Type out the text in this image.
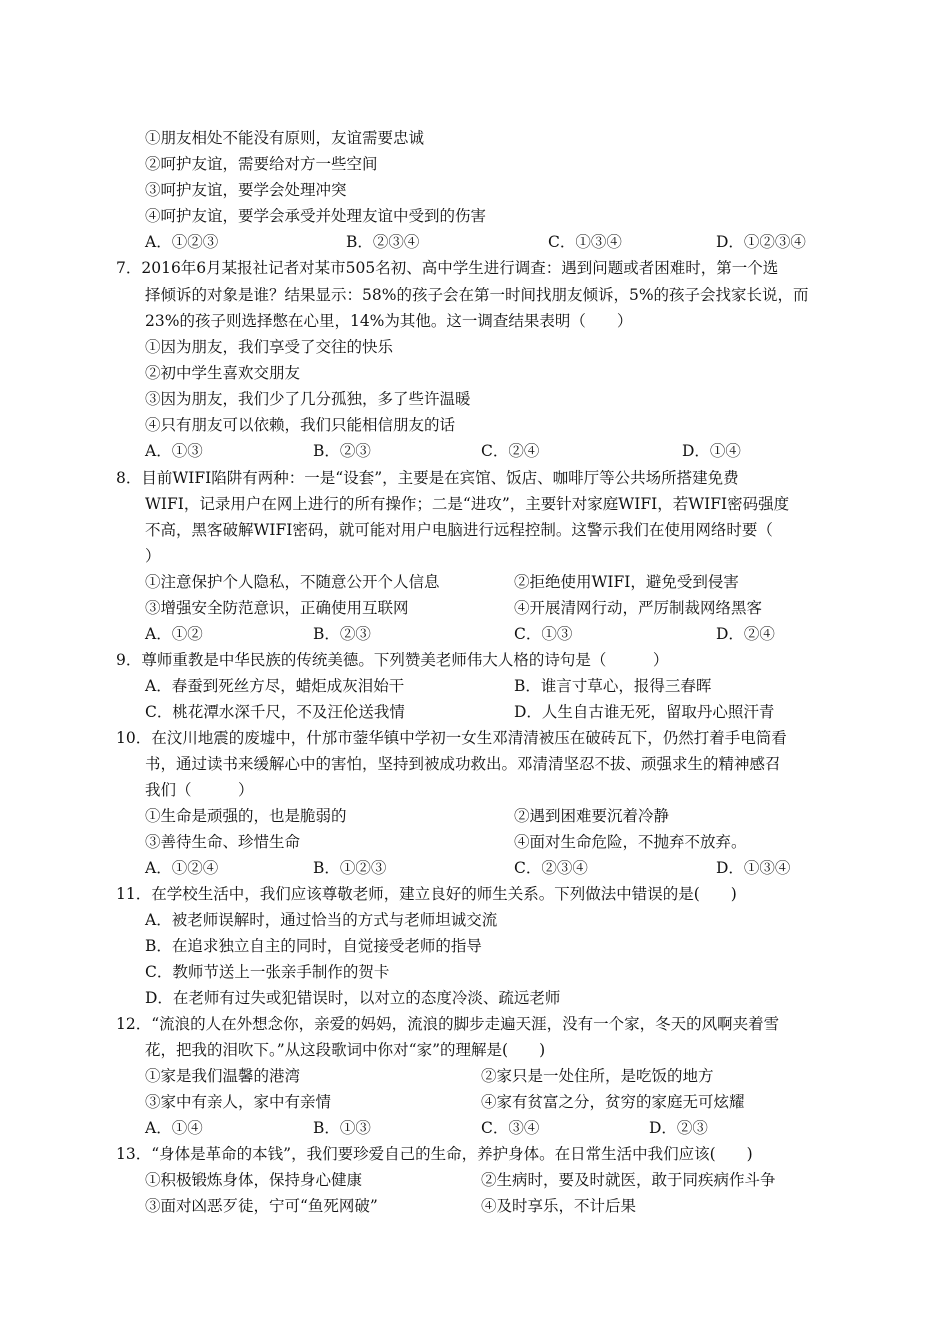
①朋友相处不能没有原则，友谊需要忠诚
②呵护友谊，需要给对方一些空间
③呵护友谊，要学会处理冲突
④呵护友谊，要学会承受并处理友谊中受到的伤害
A．①②③	B．②③④	C．①③④	D．①②③④
7．2016年6月某报社记者对某市505名初、高中学生进行调查：遇到问题或者困难时，第一个选
择倾诉的对象是谁？结果显示：58%的孩子会在第一时间找朋友倾诉，5%的孩子会找家长说，而
23%的孩子则选择憋在心里，14%为其他。这一调查结果表明（　　）
①因为朋友，我们享受了交往的快乐
②初中学生喜欢交朋友
③因为朋友，我们少了几分孤独，多了些许温暖
④只有朋友可以依赖，我们只能相信朋友的话
A．①③	B．②③	C．②④	D．①④
8．目前WIFI陷阱有两种：一是“设套”，主要是在宾馆、饭店、咖啡厅等公共场所搭建免费
WIFI，记录用户在网上进行的所有操作；二是“进攻”，主要针对家庭WIFI，若WIFI密码强度
不高，黑客破解WIFI密码，就可能对用户电脑进行远程控制。这警示我们在使用网络时要（
）
①注意保护个人隐私，不随意公开个人信息	②拒绝使用WIFI，避免受到侵害
③增强安全防范意识，正确使用互联网	④开展清网行动，严厉制裁网络黑客
A．①②	B．②③	C．①③	D．②④
9．尊师重教是中华民族的传统美德。下列赞美老师伟大人格的诗句是（　　　）
A．春蚕到死丝方尽，蜡炬成灰泪始干	B．谁言寸草心，报得三春晖
C．桃花潭水深千尺，不及汪伦送我情	D．人生自古谁无死，留取丹心照汗青
10．在汶川地震的废墟中，什邡市蓥华镇中学初一女生邓清清被压在破砖瓦下，仍然打着手电筒看
书，通过读书来缓解心中的害怕，坚持到被成功救出。邓清清坚忍不拔、顽强求生的精神感召
我们（　　　）
①生命是顽强的，也是脆弱的	②遇到困难要沉着冷静
③善待生命、珍惜生命	④面对生命危险，不抛弃不放弃。
A．①②④	B．①②③	C．②③④	D．①③④
11．在学校生活中，我们应该尊敬老师，建立良好的师生关系。下列做法中错误的是(　　)
A．被老师误解时，通过恰当的方式与老师坦诚交流
B．在追求独立自主的同时，自觉接受老师的指导
C．教师节送上一张亲手制作的贺卡
D．在老师有过失或犯错误时，以对立的态度冷淡、疏远老师
12．“流浪的人在外想念你，亲爱的妈妈，流浪的脚步走遍天涯，没有一个家，冬天的风啊夹着雪
花，把我的泪吹下。”从这段歌词中你对“家”的理解是(　　)
①家是我们温馨的港湾	②家只是一处住所，是吃饭的地方
③家中有亲人，家中有亲情	④家有贫富之分，贫穷的家庭无可炫耀
A．①④	B．①③	C．③④	D．②③
13．“身体是革命的本钱”，我们要珍爱自己的生命，养护身体。在日常生活中我们应该(　　)
①积极锻炼身体，保持身心健康	②生病时，要及时就医，敢于同疾病作斗争
③面对凶恶歹徒，宁可“鱼死网破”	④及时享乐，不计后果
